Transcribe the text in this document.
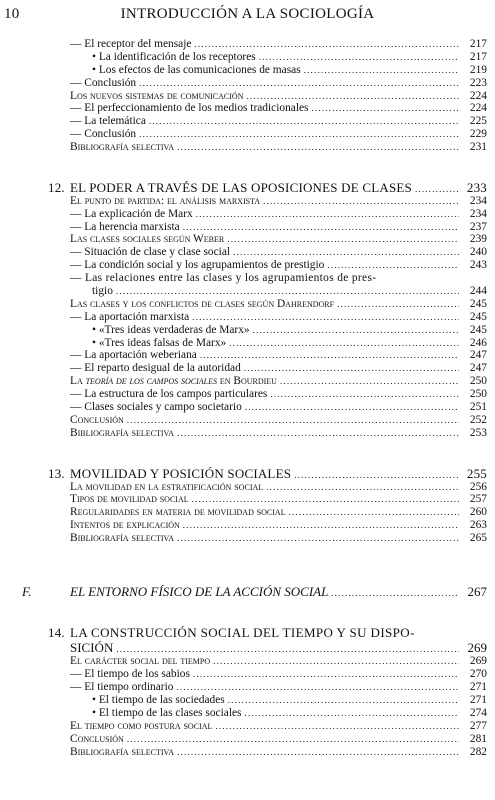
10	INTRODUCCIÓN A LA SOCIOLOGÍA
— El receptor del mensaje .....	217
• La identificación de los receptores .....	217
• Los efectos de las comunicaciones de masas .....	219
— Conclusión .....	223
Los nuevos sistemas de comunicación .....	224
— El perfeccionamiento de los medios tradicionales .....	224
— La telemática .....	225
— Conclusión .....	229
Bibliografía selectiva .....	231
12. EL PODER A TRAVÉS DE LAS OPOSICIONES DE CLASES .....	233
El punto de partida: el análisis marxista .....	234
— La explicación de Marx .....	234
— La herencia marxista .....	237
Las clases sociales según Weber .....	239
— Situación de clase y clase social .....	240
— La condición social y los agrupamientos de prestigio .....	243
— Las relaciones entre las clases y los agrupamientos de pres-
tigio .....	244
Las clases y los conflictos de clases según Dahrendorf .....	245
— La aportación marxista .....	245
• «Tres ideas verdaderas de Marx» .....	245
• «Tres ideas falsas de Marx» .....	246
— La aportación weberiana .....	247
— El reparto desigual de la autoridad .....	247
La teoría de los campos sociales en Bourdieu .....	250
— La estructura de los campos particulares .....	250
— Clases sociales y campo societario .....	251
Conclusión .....	252
Bibliografía selectiva .....	253
13. MOVILIDAD Y POSICIÓN SOCIALES .....	255
La movilidad en la estratificación social .....	256
Tipos de movilidad social .....	257
Regularidades en materia de movilidad social .....	260
Intentos de explicación .....	263
Bibliografía selectiva .....	265
F.	EL ENTORNO FÍSICO DE LA ACCIÓN SOCIAL .....	267
14. LA CONSTRUCCIÓN SOCIAL DEL TIEMPO Y SU DISPO-
SICIÓN .....	269
El carácter social del tiempo .....	269
— El tiempo de los sabios .....	270
— El tiempo ordinario .....	271
• El tiempo de las sociedades .....	271
• El tiempo de las clases sociales .....	274
El tiempo como postura social .....	277
Conclusión .....	281
Bibliografía selectiva .....	282
